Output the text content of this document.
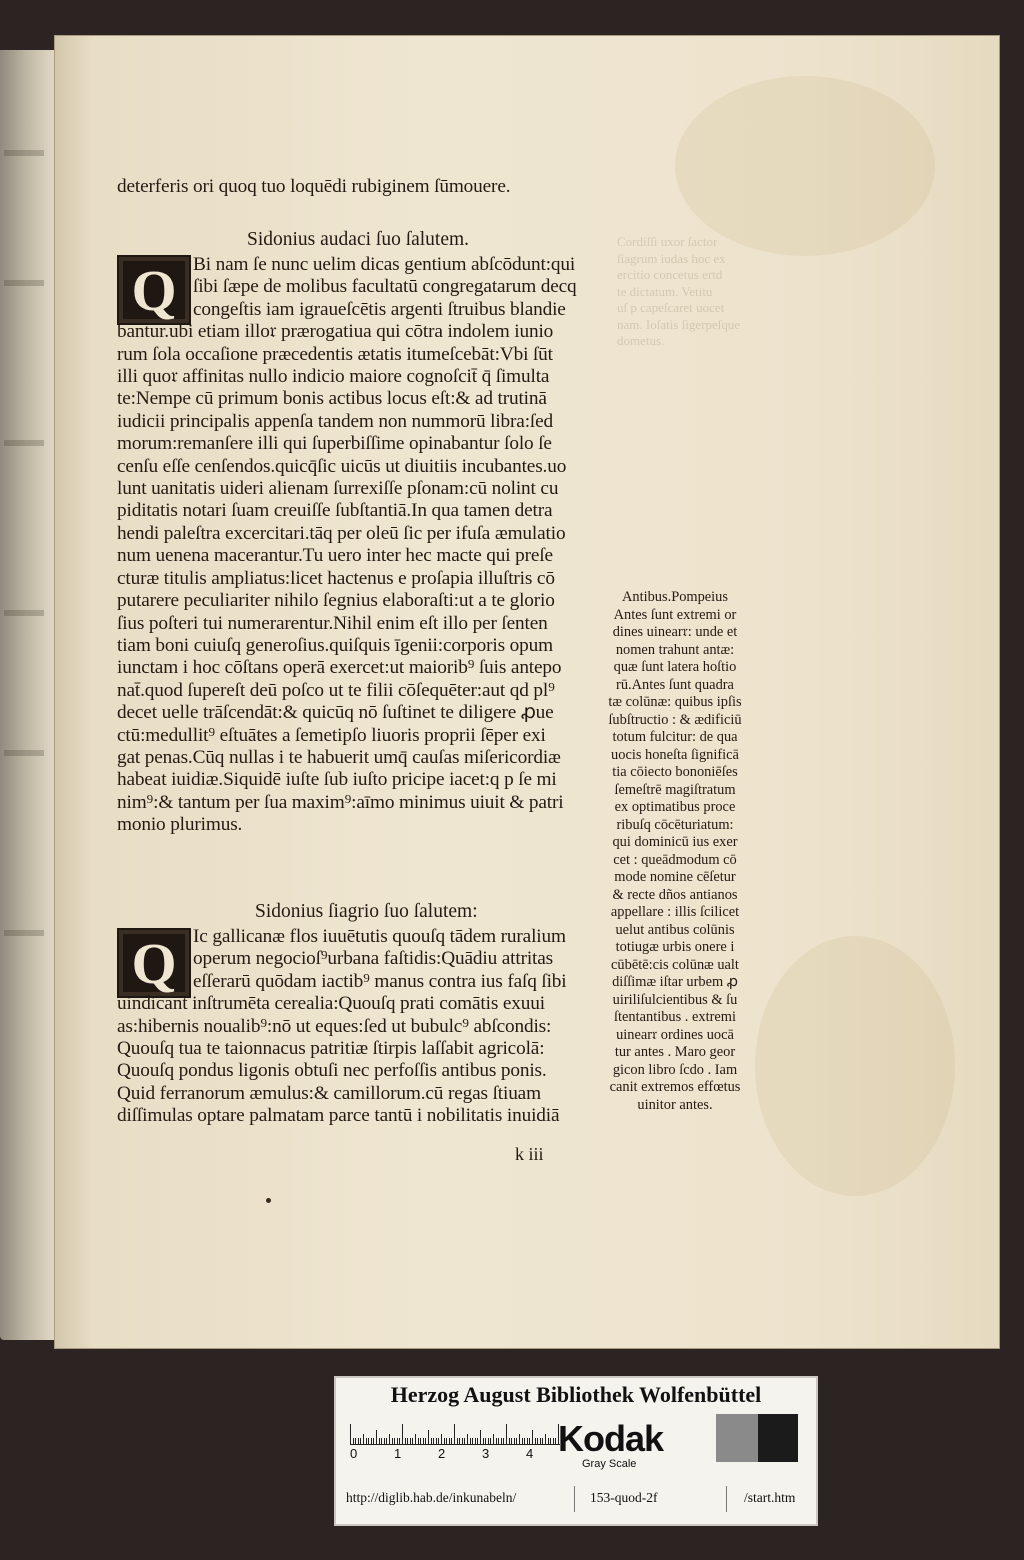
deterferis ori quoq tuo loquēdi rubiginem ſūmouere.
Sidonius audaci ſuo ſalutem.
Q Bi nam ſe nunc uelim dicas gentium abſcōdunt:qui
ſibi ſæpe de molibus facultatū congregatarum decq
congeſtis iam igraueſcētis argenti ſtruibus blandie
bantur.ubi etiam illo𝔯 prærogatiua qui cōtra indolem iunio
rum ſola occaſione præcedentis ætatis itumeſcebāt:Vbi ſūt
illi quo𝔯 affinitas nullo indicio maiore cognoſcit̄ q̄ ſimulta
te:Nempe cū primum bonis actibus locus eſt:& ad trutinā
iudicii principalis appenſa tandem non nummorū libra:ſed
morum:remanſere illi qui ſuperbiſſime opinabantur ſolo ſe
cenſu eſſe cenſendos.quicq̄ſic uicūs ut diuitiis incubantes.uo
lunt uanitatis uideri alienam ſurrexiſſe pſonam:cū nolint cu
piditatis notari ſuam creuiſſe ſubſtantiā.In qua tamen detra
hendi paleſtra excercitari.tāq per oleū ſic per ifuſa æmulatio
num uenena macerantur.Tu uero inter hec macte qui preſe
cturæ titulis ampliatus:licet hactenus e proſapia illuſtris cō
putarere peculiariter nihilo ſegnius elaboraſti:ut a te glorio
ſius poſteri tui numerarentur.Nihil enim eſt illo per ſenten
tiam boni cuiuſq generoſius.quiſquis īgenii:corporis opum
iunctam i hoc cōſtans operā exercet:ut maiorib⁹ ſuis antepo
nat̄.quod ſupereſt deū poſco ut te filii cōſequēter:aut qd pl⁹
decet uelle trāſcendāt:& quicūq nō ſuſtinet te diligere ꝓue
ctū:medullit⁹ eſtuātes a ſemetipſo liuoris proprii ſēper exi
gat penas.Cūq nullas i te habuerit umq̄ cauſas miſericordiæ
habeat iuidiæ.Siquidē iuſte ſub iuſto pricipe iacet:q p ſe mi
nim⁹:& tantum per ſua maxim⁹:aīmo minimus uiuit & patri
monio plurimus.
Sidonius ſiagrio ſuo ſalutem:
Q Ic gallicanæ flos iuuētutis quouſq tādem ruralium
operum negocioſ⁹urbana faſtidis:Quādiu attritas
eſſerarū quōdam iactib⁹ manus contra ius faſq ſibi
uindicant inſtrumēta cerealia:Quouſq prati comātis exuui
as:hibernis noualib⁹:nō ut eques:ſed ut bubulc⁹ abſcondis:
Quouſq tua te taionnacus patritiæ ſtirpis laſſabit agricolā:
Quouſq pondus ligonis obtuſi nec perfoſſis antibus ponis.
Quid ferranorum æmulus:& camillorum.cū regas ſtiuam
diſſimulas optare palmatam parce tantū i nobilitatis inuidiā
Antibus.Pompeius
Antes ſunt extremi or
dines uinear𝔯: unde et
nomen trahunt antæ:
quæ ſunt latera hoſtio
rū.Antes ſunt quadra
tæ colūnæ: quibus ipſis
ſubſtructio : & ædificiū
totum fulcitur: de qua
uocis honeſta ſignificā
tia cōiecto bononiēſes
ſemeſtrē magiſtratum
ex optimatibus proce
ribuſq cōcēturiatum:
qui dominicū ius exer
cet : queādmodum cō
mode nomine cēſetur
& recte dños antianos
appellare : illis ſcilicet
uelut antibus colūnis
totiugæ urbis onere i
cūbētē:cis colūnæ ualt
diſſimæ iſtar urbem ꝓ
uiriliſulcientibus & ſu
ſtentantibus . extremi
uinear𝔯 ordines uocā
tur antes . Maro geor
gicon libro ſcdo . Iam
canit extremos effœtus
uinitor antes.
Cordiſſi uxor ſactor
ſiagrum iudas hoc ex
ercitio concetus ertd
te dictatum. Vetitu
uſ p capeſcaret uocet
nam. Ioſatis ſigerpeſque
dometus.
k iii
Herzog August Bibliothek Wolfenbüttel
0	1	2	3	4 Kodak
Gray Scale
http://diglib.hab.de/inkunabeln/	153-quod-2f	/start.htm
